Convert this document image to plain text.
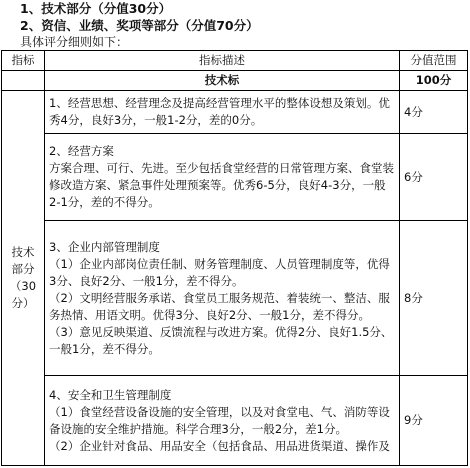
1、技术部分（分值30分）
2、资信、业绩、奖项等部分（分值70分）
具体评分细则如下：
指标	指标描述	分值范围
	技术标	100分
技术部分（30分）	1、经营思想、经营理念及提高经营管理水平的整体设想及策划。优秀4分，良好3分，一般1-2分，差的0分。	4分

	2、经营方案

方案合理、可行、先进。至少包括食堂经营的日常管理方案、食堂装修改造方案、紧急事件处理预案等。优秀6-5分，良好4-3分，一般2-1分，差的不得分。	6分

	3、企业内部管理制度

（1）企业内部岗位责任制、财务管理制度、人员管理制度等，优得3分、良好2分、一般1分，差不得分。

（2）文明经营服务承诺、食堂员工服务规范、着装统一、整洁、服务热情、用语文明。优得3分、良好2分、一般1分，差不得分。

（3）意见反映渠道、反馈流程与改进方案。优得2分、良好1.5分、一般1分，差不得分。	8分

	4、安全和卫生管理制度

（1）食堂经营设备设施的安全管理，以及对食堂电、气、消防等设备设施的安全维护措施。科学合理3分，一般2分，差1分。

（2）企业针对食品、用品安全（包括食品、用品进货渠道、操作及	9分
